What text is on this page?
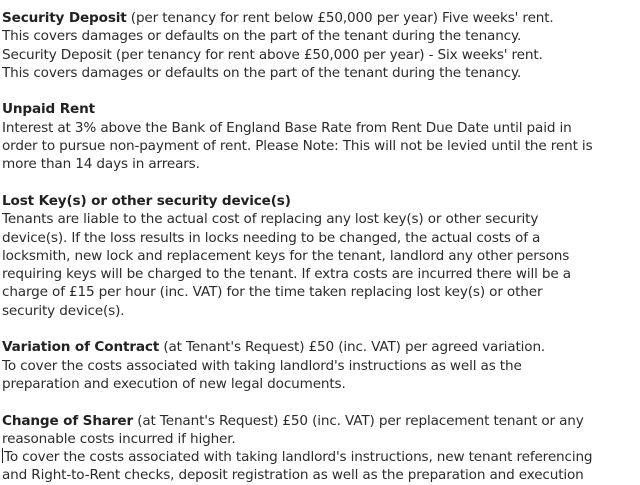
Security Deposit (per tenancy for rent below £50,000 per year) Five weeks' rent.
This covers damages or defaults on the part of the tenant during the tenancy.
Security Deposit (per tenancy for rent above £50,000 per year) - Six weeks' rent.
This covers damages or defaults on the part of the tenant during the tenancy.
Unpaid Rent
Interest at 3% above the Bank of England Base Rate from Rent Due Date until paid in
order to pursue non-payment of rent. Please Note: This will not be levied until the rent is
more than 14 days in arrears.
Lost Key(s) or other security device(s)
Tenants are liable to the actual cost of replacing any lost key(s) or other security
device(s). If the loss results in locks needing to be changed, the actual costs of a
locksmith, new lock and replacement keys for the tenant, landlord any other persons
requiring keys will be charged to the tenant. If extra costs are incurred there will be a
charge of £15 per hour (inc. VAT) for the time taken replacing lost key(s) or other
security device(s).
Variation of Contract (at Tenant's Request) £50 (inc. VAT) per agreed variation.
To cover the costs associated with taking landlord's instructions as well as the
preparation and execution of new legal documents.
Change of Sharer (at Tenant's Request) £50 (inc. VAT) per replacement tenant or any
reasonable costs incurred if higher.
To cover the costs associated with taking landlord's instructions, new tenant referencing
and Right-to-Rent checks, deposit registration as well as the preparation and execution
